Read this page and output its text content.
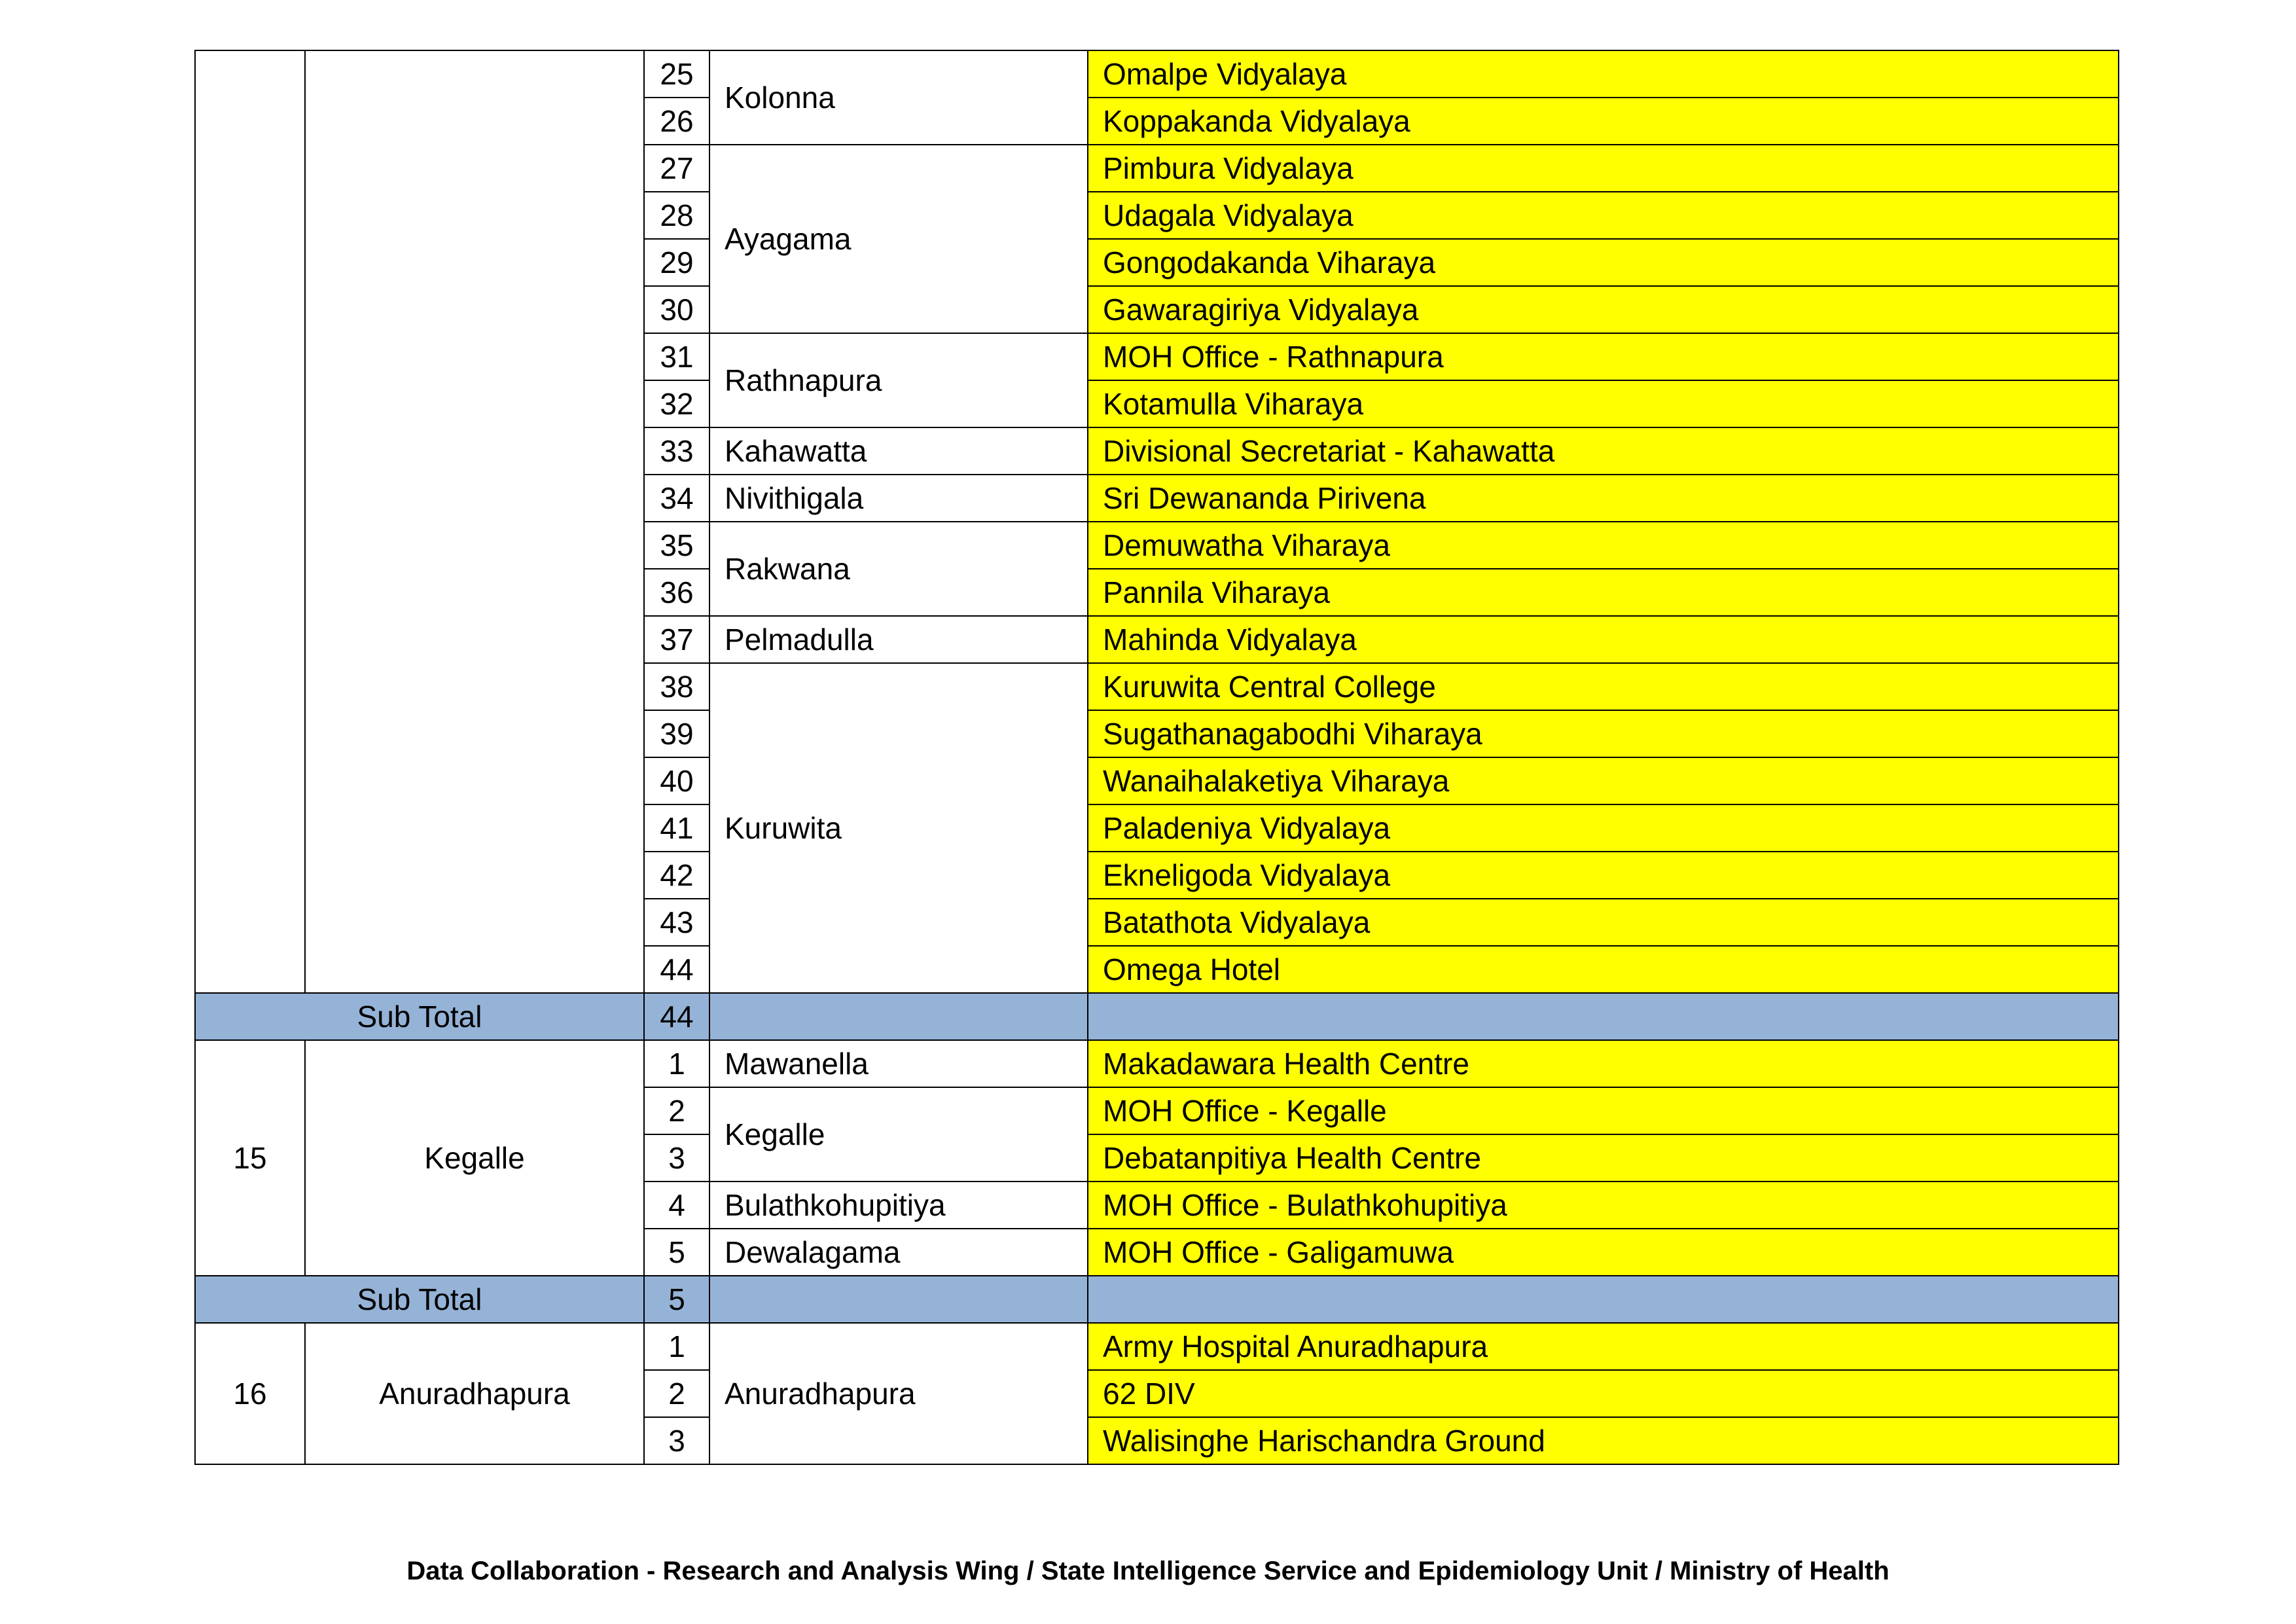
		25	Kolonna	Omalpe Vidyalaya
		26		Koppakanda Vidyalaya
		27	Ayagama	Pimbura Vidyalaya
		28		Udagala Vidyalaya
		29		Gongodakanda Viharaya
		30		Gawaragiriya Vidyalaya
		31	Rathnapura	MOH Office - Rathnapura
		32		Kotamulla Viharaya
		33	Kahawatta	Divisional Secretariat - Kahawatta
		34	Nivithigala	Sri Dewananda Pirivena
		35	Rakwana	Demuwatha Viharaya
		36		Pannila Viharaya
		37	Pelmadulla	Mahinda Vidyalaya
		38	Kuruwita	Kuruwita Central College
		39		Sugathanagabodhi Viharaya
		40		Wanaihalaketiya Viharaya
		41		Paladeniya Vidyalaya
		42		Ekneligoda Vidyalaya
		43		Batathota Vidyalaya
		44		Omega Hotel
Sub Total		44		
15	Kegalle	1	Mawanella	Makadawara Health Centre
		2	Kegalle	MOH Office - Kegalle
		3		Debatanpitiya Health Centre
		4	Bulathkohupitiya	MOH Office - Bulathkohupitiya
		5	Dewalagama	MOH Office - Galigamuwa
Sub Total		5		
16	Anuradhapura	1	Anuradhapura	Army Hospital Anuradhapura
		2		62 DIV
		3		Walisinghe Harischandra Ground
Data Collaboration - Research and Analysis Wing / State Intelligence Service and Epidemiology Unit / Ministry of Health
